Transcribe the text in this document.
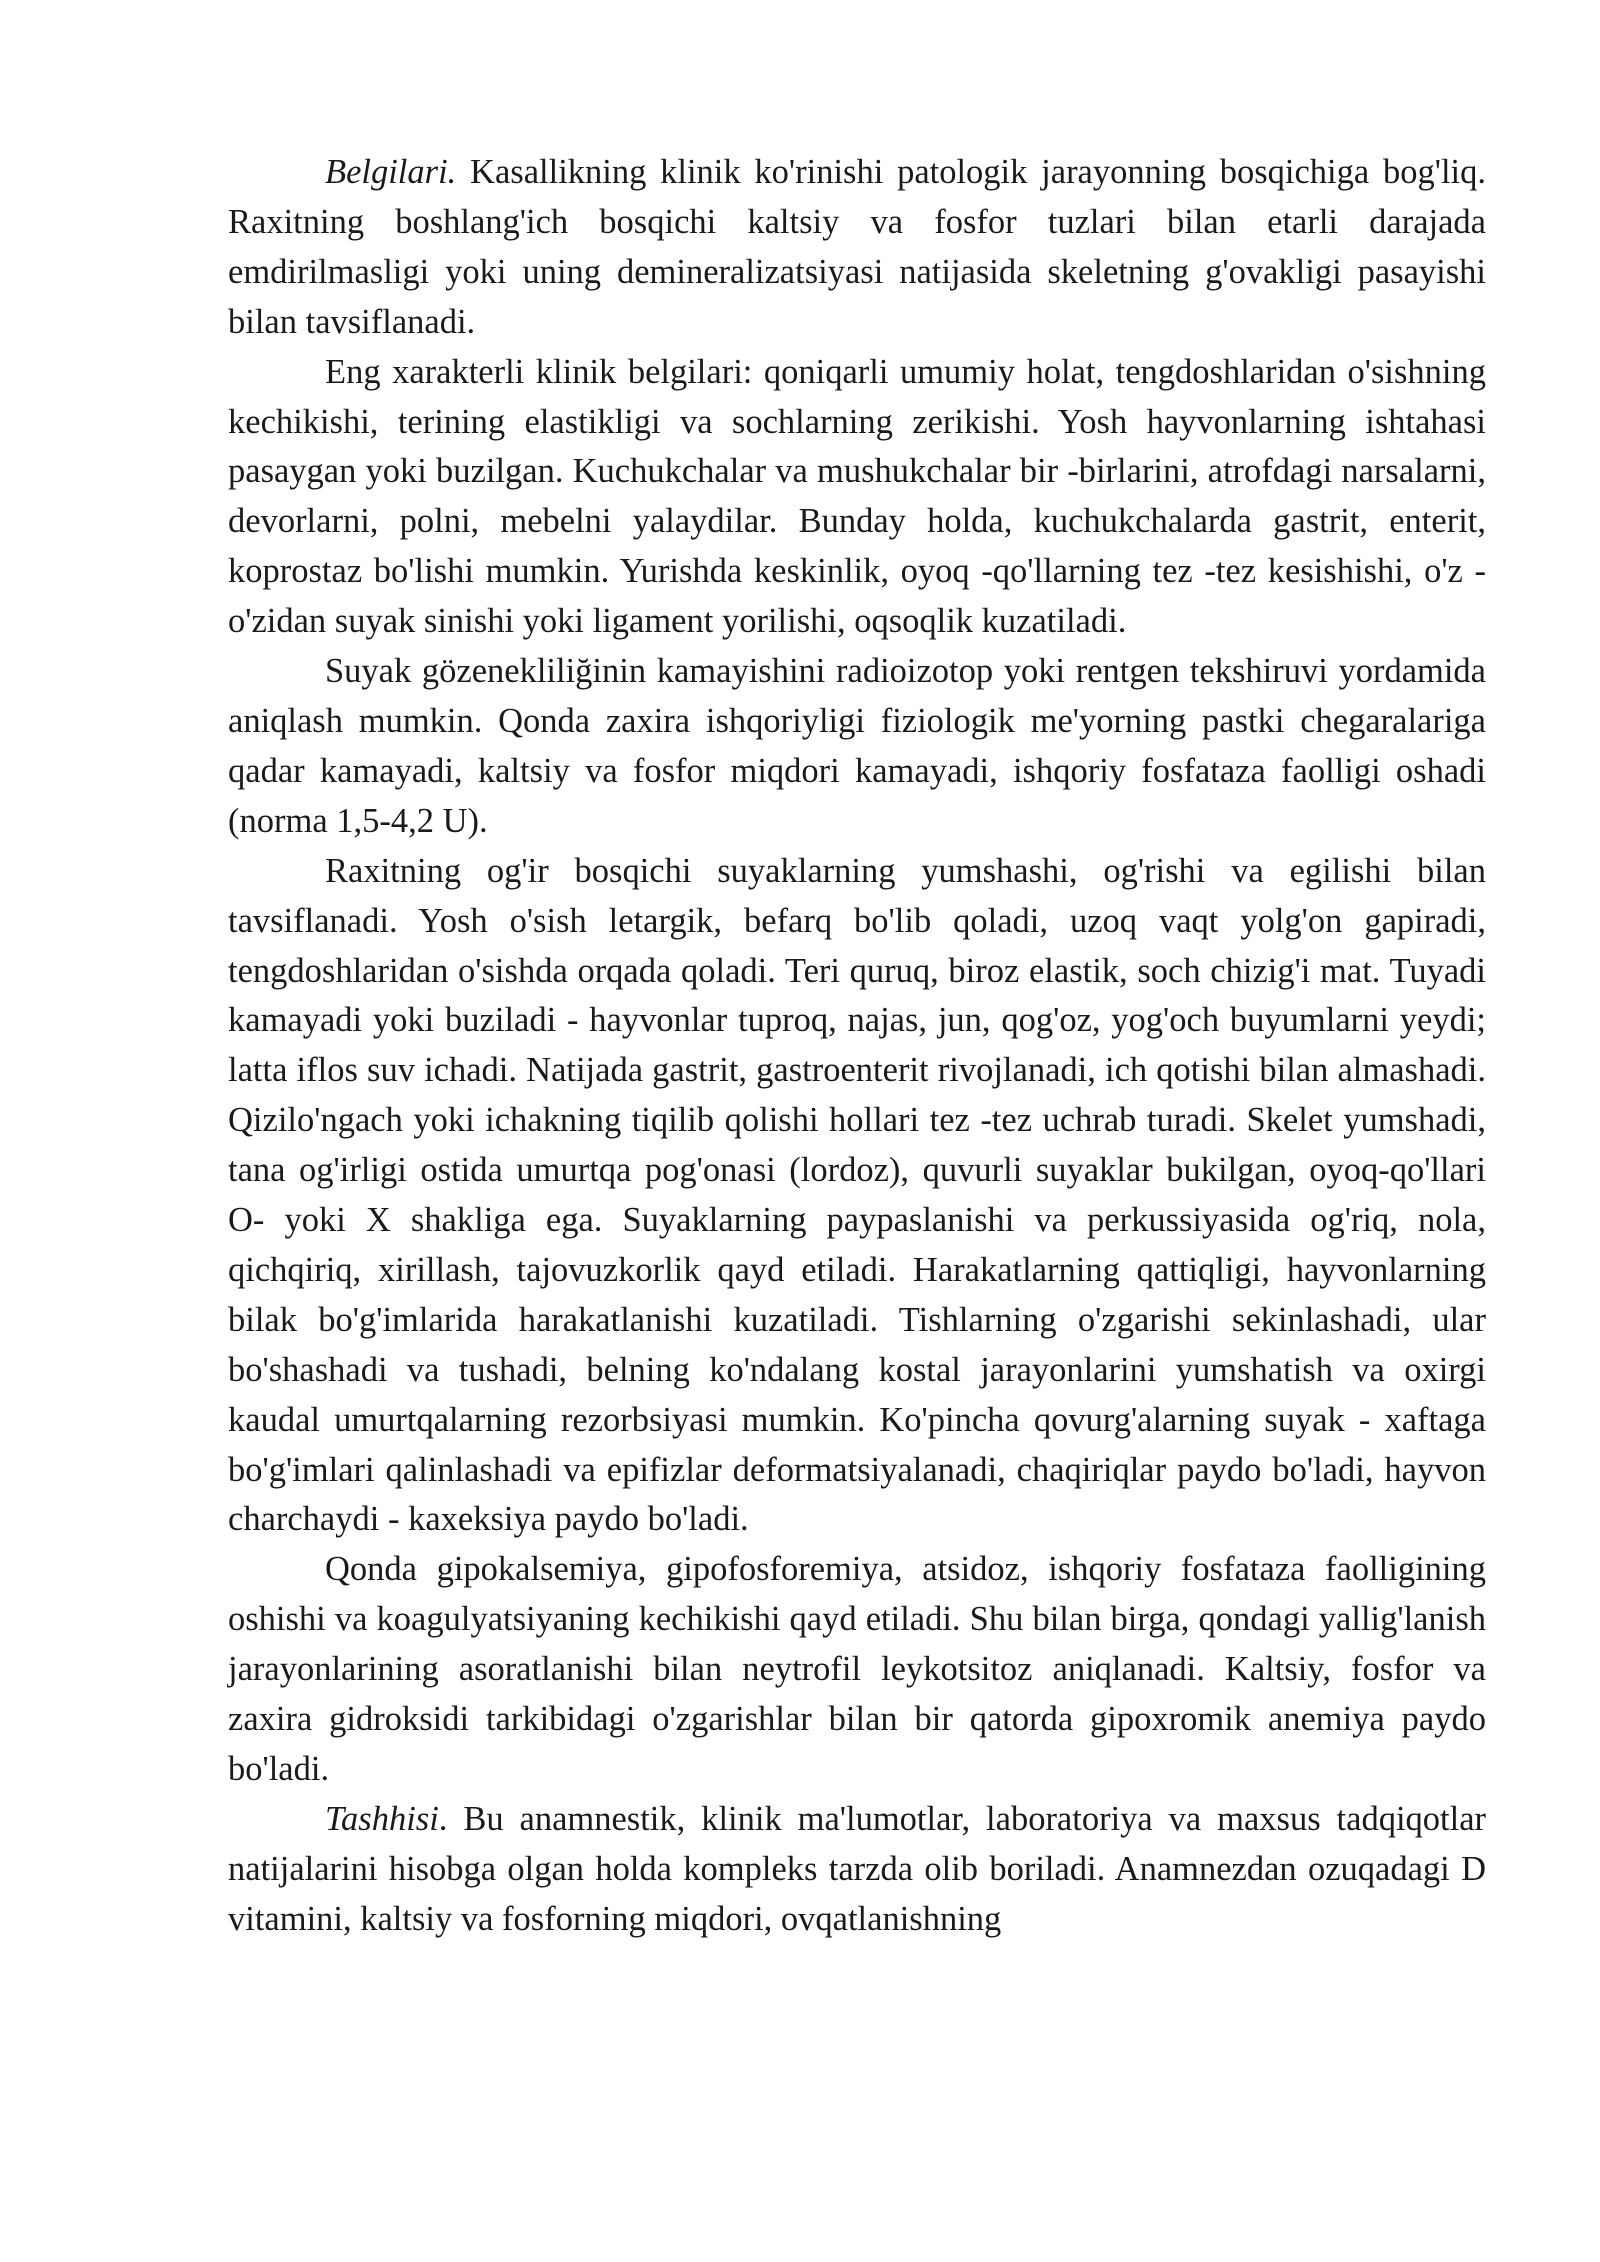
Belgilari. Kasallikning klinik ko'rinishi patologik jarayonning bosqichiga bog'liq. Raxitning boshlang'ich bosqichi kaltsiy va fosfor tuzlari bilan etarli darajada emdirilmasligi yoki uning demineralizatsiyasi natijasida skeletning g'ovakligi pasayishi bilan tavsiflanadi.

Eng xarakterli klinik belgilari: qoniqarli umumiy holat, tengdoshlaridan o'sishning kechikishi, terining elastikligi va sochlarning zerikishi. Yosh hayvonlarning ishtahasi pasaygan yoki buzilgan. Kuchukchalar va mushukchalar bir -birlarini, atrofdagi narsalarni, devorlarni, polni, mebelni yalaydilar. Bunday holda, kuchukchalarda gastrit, enterit, koprostaz bo'lishi mumkin. Yurishda keskinlik, oyoq -qo'llarning tez -tez kesishishi, o'z -o'zidan suyak sinishi yoki ligament yorilishi, oqsoqlik kuzatiladi.

Suyak gözenekliliğinin kamayishini radioizotop yoki rentgen tekshiruvi yordamida aniqlash mumkin. Qonda zaxira ishqoriyligi fiziologik me'yorning pastki chegaralariga qadar kamayadi, kaltsiy va fosfor miqdori kamayadi, ishqoriy fosfataza faolligi oshadi (norma 1,5-4,2 U).

Raxitning og'ir bosqichi suyaklarning yumshashi, og'rishi va egilishi bilan tavsiflanadi. Yosh o'sish letargik, befarq bo'lib qoladi, uzoq vaqt yolg'on gapiradi, tengdoshlaridan o'sishda orqada qoladi. Teri quruq, biroz elastik, soch chizig'i mat. Tuyadi kamayadi yoki buziladi - hayvonlar tuproq, najas, jun, qog'oz, yog'och buyumlarni yeydi; latta iflos suv ichadi. Natijada gastrit, gastroenterit rivojlanadi, ich qotishi bilan almashadi. Qizilo'ngach yoki ichakning tiqilib qolishi hollari tez -tez uchrab turadi. Skelet yumshadi, tana og'irligi ostida umurtqa pog'onasi (lordoz), quvurli suyaklar bukilgan, oyoq-qo'llari O- yoki X shakliga ega. Suyaklarning paypaslanishi va perkussiyasida og'riq, nola, qichqiriq, xirillash, tajovuzkorlik qayd etiladi. Harakatlarning qattiqligi, hayvonlarning bilak bo'g'imlarida harakatlanishi kuzatiladi. Tishlarning o'zgarishi sekinlashadi, ular bo'shashadi va tushadi, belning ko'ndalang kostal jarayonlarini yumshatish va oxirgi kaudal umurtqalarning rezorbsiyasi mumkin. Ko'pincha qovurg'alarning suyak - xaftaga bo'g'imlari qalinlashadi va epifizlar deformatsiyalanadi, chaqiriqlar paydo bo'ladi, hayvon charchaydi - kaxeksiya paydo bo'ladi.

Qonda gipokalsemiya, gipofosforemiya, atsidoz, ishqoriy fosfataza faolligining oshishi va koagulyatsiyaning kechikishi qayd etiladi. Shu bilan birga, qondagi yallig'lanish jarayonlarining asoratlanishi bilan neytrofil leykotsitoz aniqlanadi. Kaltsiy, fosfor va zaxira gidroksidi tarkibidagi o'zgarishlar bilan bir qatorda gipoxromik anemiya paydo bo'ladi.

Tashhisi. Bu anamnestik, klinik ma'lumotlar, laboratoriya va maxsus tadqiqotlar natijalarini hisobga olgan holda kompleks tarzda olib boriladi. Anamnezdan ozuqadagi D vitamini, kaltsiy va fosforning miqdori, ovqatlanishning
